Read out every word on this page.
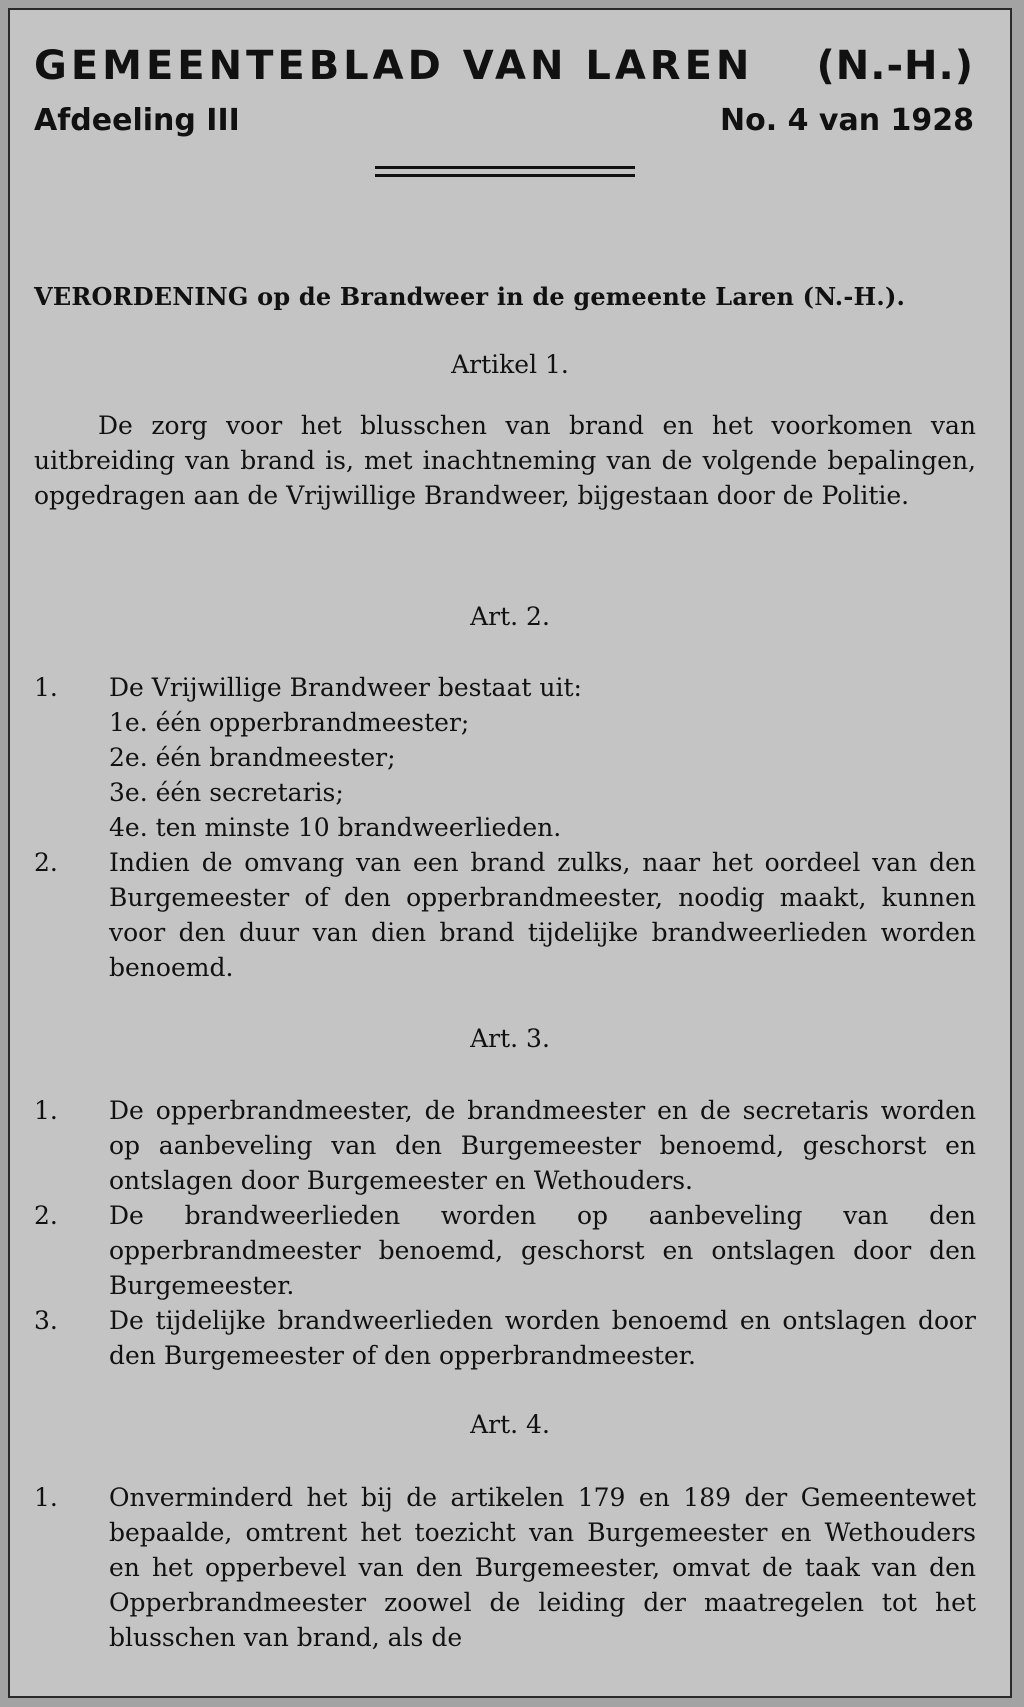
GEMEENTEBLAD VAN LAREN (N.-H.)
Afdeeling III	No. 4 van 1928
VERORDENING op de Brandweer in de gemeente Laren (N.-H.).
Artikel 1.
De zorg voor het blusschen van brand en het voorkomen van uitbreiding van brand is, met inachtneming van de volgende bepalingen, opgedragen aan de Vrijwillige Brandweer, bijgestaan door de Politie.
Art. 2.
1. De Vrijwillige Brandweer bestaat uit:
1e. één opperbrandmeester;
2e. één brandmeester;
3e. één secretaris;
4e. ten minste 10 brandweerlieden.
2. Indien de omvang van een brand zulks, naar het oordeel van den Burgemeester of den opperbrandmeester, noodig maakt, kunnen voor den duur van dien brand tijdelijke brandweerlieden worden benoemd.
Art. 3.
1. De opperbrandmeester, de brandmeester en de secretaris worden op aanbeveling van den Burgemeester benoemd, geschorst en ontslagen door Burgemeester en Wethouders.
2. De brandweerlieden worden op aanbeveling van den opperbrandmeester benoemd, geschorst en ontslagen door den Burgemeester.
3. De tijdelijke brandweerlieden worden benoemd en ontslagen door den Burgemeester of den opperbrandmeester.
Art. 4.
1. Onverminderd het bij de artikelen 179 en 189 der Gemeentewet bepaalde, omtrent het toezicht van Burgemeester en Wethouders en het opperbevel van den Burgemeester, omvat de taak van den Opperbrandmeester zoowel de leiding der maatregelen tot het blusschen van brand, als de
